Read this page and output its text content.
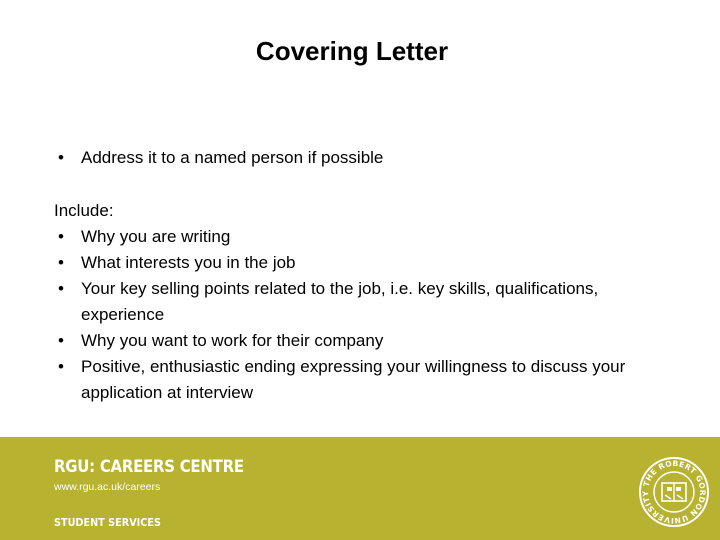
Covering Letter
•	Address it to a named person if possible
Include:
•	Why you are writing
•	What interests you in the job
•	Your key selling points related to the job, i.e. key skills, qualifications, experience
•	Why you want to work for their company
•	Positive, enthusiastic ending expressing your willingness to discuss your application at interview
RGU: CAREERS CENTRE
www.rgu.ac.uk/careers
STUDENT SERVICES
THE ROBERT GORDON UNIVERSITY
